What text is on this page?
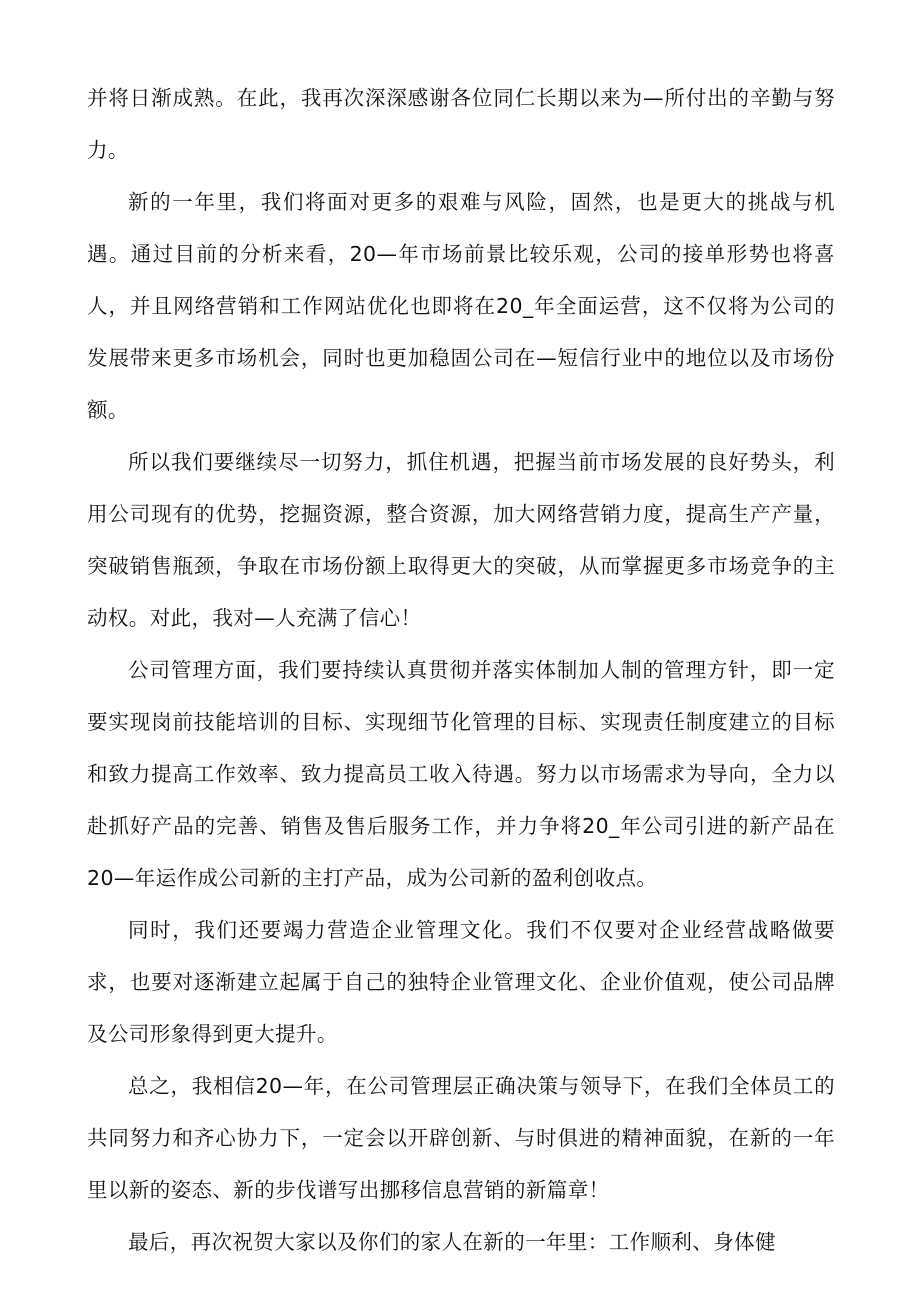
并将日渐成熟。在此，我再次深深感谢各位同仁长期以来为—所付出的辛勤与努力。

新的一年里，我们将面对更多的艰难与风险，固然，也是更大的挑战与机遇。通过目前的分析来看，20—年市场前景比较乐观，公司的接单形势也将喜人，并且网络营销和工作网站优化也即将在20_年全面运营，这不仅将为公司的发展带来更多市场机会，同时也更加稳固公司在—短信行业中的地位以及市场份额。

所以我们要继续尽一切努力，抓住机遇，把握当前市场发展的良好势头，利用公司现有的优势，挖掘资源，整合资源，加大网络营销力度，提高生产产量，突破销售瓶颈，争取在市场份额上取得更大的突破，从而掌握更多市场竞争的主动权。对此，我对—人充满了信心！

公司管理方面，我们要持续认真贯彻并落实体制加人制的管理方针，即一定要实现岗前技能培训的目标、实现细节化管理的目标、实现责任制度建立的目标和致力提高工作效率、致力提高员工收入待遇。努力以市场需求为导向，全力以赴抓好产品的完善、销售及售后服务工作，并力争将20_年公司引进的新产品在20—年运作成公司新的主打产品，成为公司新的盈利创收点。

同时，我们还要竭力营造企业管理文化。我们不仅要对企业经营战略做要求，也要对逐渐建立起属于自己的独特企业管理文化、企业价值观，使公司品牌及公司形象得到更大提升。

总之，我相信20—年，在公司管理层正确决策与领导下，在我们全体员工的共同努力和齐心协力下，一定会以开辟创新、与时俱进的精神面貌，在新的一年里以新的姿态、新的步伐谱写出挪移信息营销的新篇章！

最后，再次祝贺大家以及你们的家人在新的一年里：工作顺利、身体健
